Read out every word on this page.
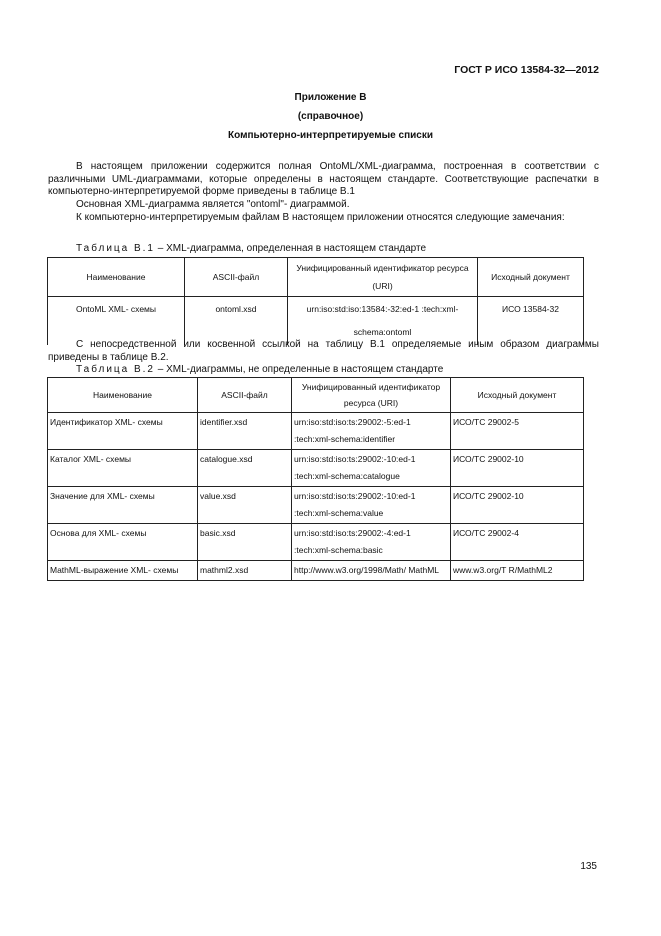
ГОСТ Р ИСО 13584-32—2012
Приложение В
(справочное)
Компьютерно-интерпретируемые списки

В настоящем приложении содержится полная OntoML/XML-диаграмма, построенная в соответствии с различными UML-диаграммами, которые определены в настоящем стандарте. Соответствующие распечатки в компьютерно-интерпретируемой форме приведены в таблице В.1

Основная XML-диаграмма является "ontoml"- диаграммой.

К компьютерно-интерпретируемым файлам В настоящем приложении относятся следующие замечания:

Таблица В.1 – XML-диаграмма, определенная в настоящем стандарте
Наименование	ASCII-файл	Унифицированный идентификатор ресурса (URI)	Исходный документ
OntoML XML- схемы	ontoml.xsd	urn:iso:std:iso:13584:-32:ed-1 :tech:xml-schema:ontoml	ИСО 13584-32

С непосредственной или косвенной ссылкой на таблицу В.1 определяемые иным образом диаграммы приведены в таблице В.2.

Таблица В.2 – XML-диаграммы, не определенные в настоящем стандарте
Наименование	ASCII-файл	Унифицированный идентификатор ресурса (URI)	Исходный документ
Идентификатор XML- схемы	identifier.xsd	urn:iso:std:iso:ts:29002:-5:ed-1 :tech:xml-schema:identifier	ИСО/ТС 29002-5
Каталог XML- схемы	catalogue.xsd	urn:iso:std:iso:ts:29002:-10:ed-1 :tech:xml-schema:catalogue	ИСО/ТС 29002-10
Значение для XML- схемы	value.xsd	urn:iso:std:iso:ts:29002:-10:ed-1 :tech:xml-schema:value	ИСО/ТС 29002-10
Основа для XML- схемы	basic.xsd	urn:iso:std:iso:ts:29002:-4:ed-1 :tech:xml-schema:basic	ИСО/ТС 29002-4
MathML-выражение XML- схемы	mathml2.xsd	http://www.w3.org/1998/Math/ MathML	www.w3.org/T R/MathML2
135
